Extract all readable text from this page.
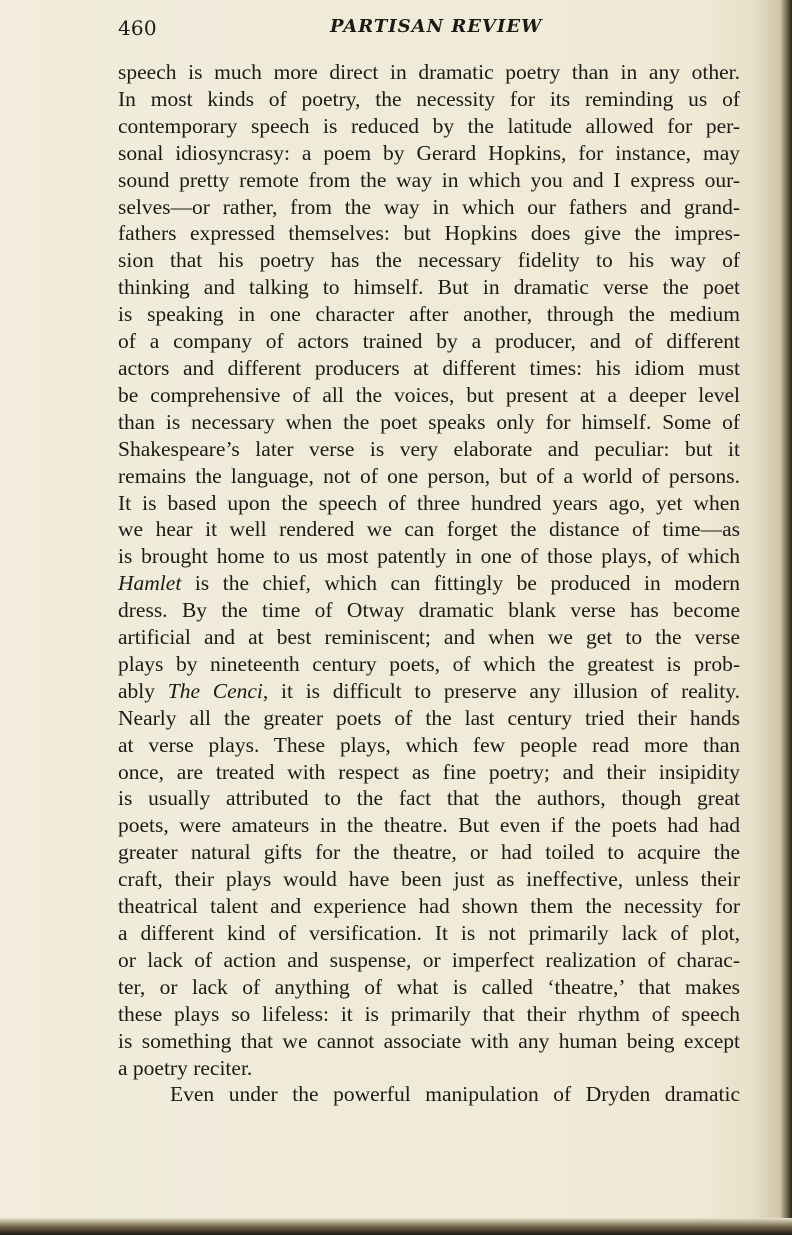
460	PARTISAN REVIEW
speech is much more direct in dramatic poetry than in any other.
In most kinds of poetry, the necessity for its reminding us of
contemporary speech is reduced by the latitude allowed for per-
sonal idiosyncrasy: a poem by Gerard Hopkins, for instance, may
sound pretty remote from the way in which you and I express our-
selves—or rather, from the way in which our fathers and grand-
fathers expressed themselves: but Hopkins does give the impres-
sion that his poetry has the necessary fidelity to his way of
thinking and talking to himself. But in dramatic verse the poet
is speaking in one character after another, through the medium
of a company of actors trained by a producer, and of different
actors and different producers at different times: his idiom must
be comprehensive of all the voices, but present at a deeper level
than is necessary when the poet speaks only for himself. Some of
Shakespeare’s later verse is very elaborate and peculiar: but it
remains the language, not of one person, but of a world of persons.
It is based upon the speech of three hundred years ago, yet when
we hear it well rendered we can forget the distance of time—as
is brought home to us most patently in one of those plays, of which
Hamlet is the chief, which can fittingly be produced in modern
dress. By the time of Otway dramatic blank verse has become
artificial and at best reminiscent; and when we get to the verse
plays by nineteenth century poets, of which the greatest is prob-
ably The Cenci, it is difficult to preserve any illusion of reality.
Nearly all the greater poets of the last century tried their hands
at verse plays. These plays, which few people read more than
once, are treated with respect as fine poetry; and their insipidity
is usually attributed to the fact that the authors, though great
poets, were amateurs in the theatre. But even if the poets had had
greater natural gifts for the theatre, or had toiled to acquire the
craft, their plays would have been just as ineffective, unless their
theatrical talent and experience had shown them the necessity for
a different kind of versification. It is not primarily lack of plot,
or lack of action and suspense, or imperfect realization of charac-
ter, or lack of anything of what is called ‘theatre,’ that makes
these plays so lifeless: it is primarily that their rhythm of speech
is something that we cannot associate with any human being except
a poetry reciter.
Even under the powerful manipulation of Dryden dramatic
